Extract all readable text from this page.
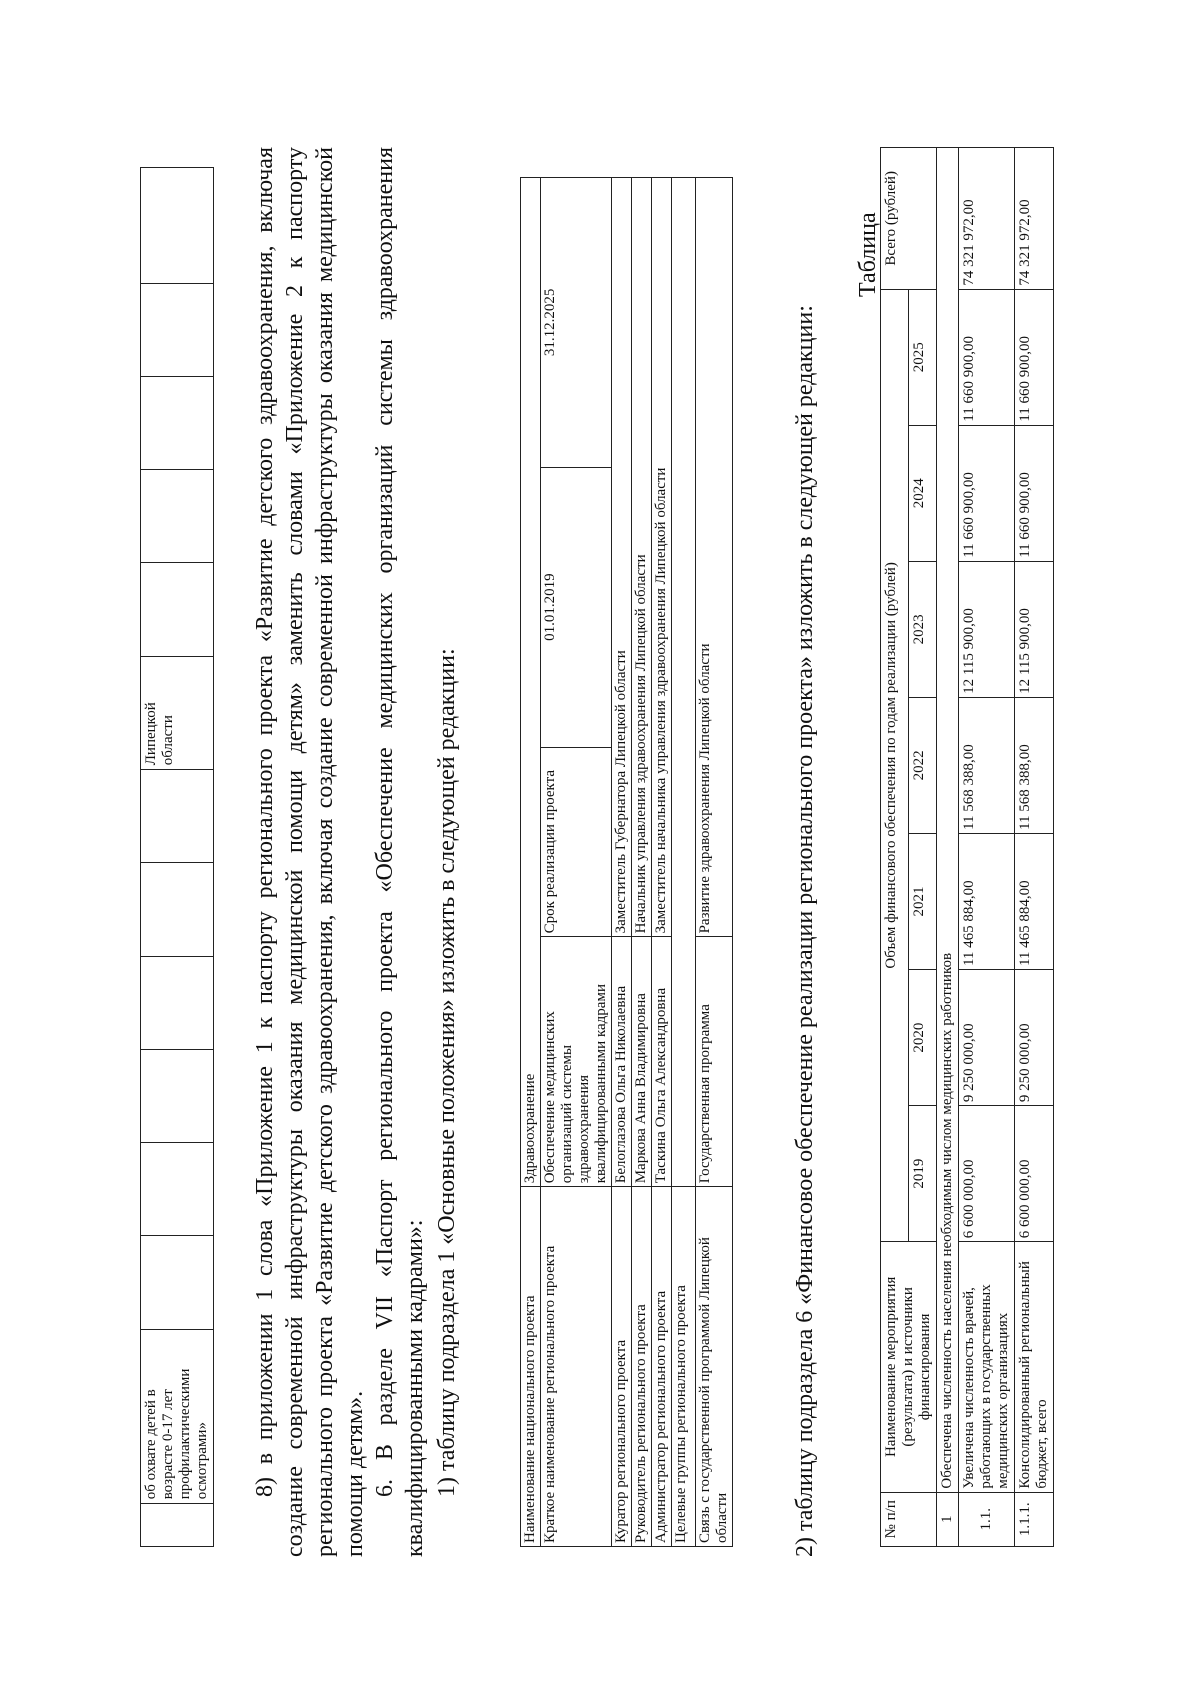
	об охвате детей в возрасте 0-17 лет профилактическими осмотрами»							Липецкой области						8) в приложении 1 слова «Приложение 1 к паспорту регионального проекта «Развитие детского здравоохранения, включая создание современной инфраструктуры оказания медицинской помощи детям» заменить словами «Приложение 2 к паспорту регионального проекта «Развитие детского здравоохранения, включая создание современной инфраструктуры оказания медицинской помощи детям». 6. В разделе VII «Паспорт регионального проекта «Обеспечение медицинских организаций системы здравоохранения квалифицированными кадрами»: 1) таблицу подраздела 1 «Основные положения» изложить в следующей редакции:	Наименование национального проекта	Здравоохранение			
Краткое наименование регионального проекта	Обеспечение медицинских организаций системы здравоохранения квалифицированными кадрами	Срок реализации проекта	01.01.2019	31.12.2025
Куратор регионального проекта	Белоглазова Ольга Николаевна	Заместитель Губернатора Липецкой области		
Руководитель регионального проекта	Маркова Анна Владимировна	Начальник управления здравоохранения Липецкой области		
Администратор регионального проекта	Таскина Ольга Александровна	Заместитель начальника управления здравоохранения Липецкой области		
Целевые группы регионального проекта				
Связь с государственной программой Липецкой области	Государственная программа	Развитие здравоохранения Липецкой области			2) таблицу подраздела 6 «Финансовое обеспечение реализации регионального проекта» изложить в следующей редакции:

Таблица
№ п/п	Наименование мероприятия (результата) и источники финансирования	Объем финансового обеспечения по годам реализации (рублей)							Всего (рублей)
		2019	2020	2021	2022	2023	2024	2025	
1	Обеспечена численность населения необходимым числом медицинских работников								
1.1.	Увеличена численность врачей, работающих в государственных медицинских организациях	6 600 000,00	9 250 000,00	11 465 884,00	11 568 388,00	12 115 900,00	11 660 900,00	11 660 900,00	74 321 972,00
1.1.1.	Консолидированный региональный бюджет, всего	6 600 000,00	9 250 000,00	11 465 884,00	11 568 388,00	12 115 900,00	11 660 900,00	11 660 900,00	74 321 972,00
